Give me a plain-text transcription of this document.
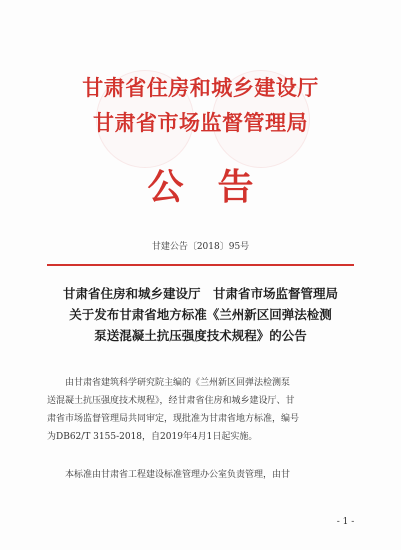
甘肃省住房和城乡建设厅
甘肃省市场监督管理局
公告
甘建公告〔2018〕95号
甘肃省住房和城乡建设厅　甘肃省市场监督管理局
关于发布甘肃省地方标准《兰州新区回弹法检测
泵送混凝土抗压强度技术规程》的公告
由甘肃省建筑科学研究院主编的《兰州新区回弹法检测泵
送混凝土抗压强度技术规程》，经甘肃省住房和城乡建设厅、甘
肃省市场监督管理局共同审定，现批准为甘肃省地方标准，编号
为DB62/T 3155-2018，自2019年4月1日起实施。
本标准由甘肃省工程建设标准管理办公室负责管理，由甘
- 1 -
